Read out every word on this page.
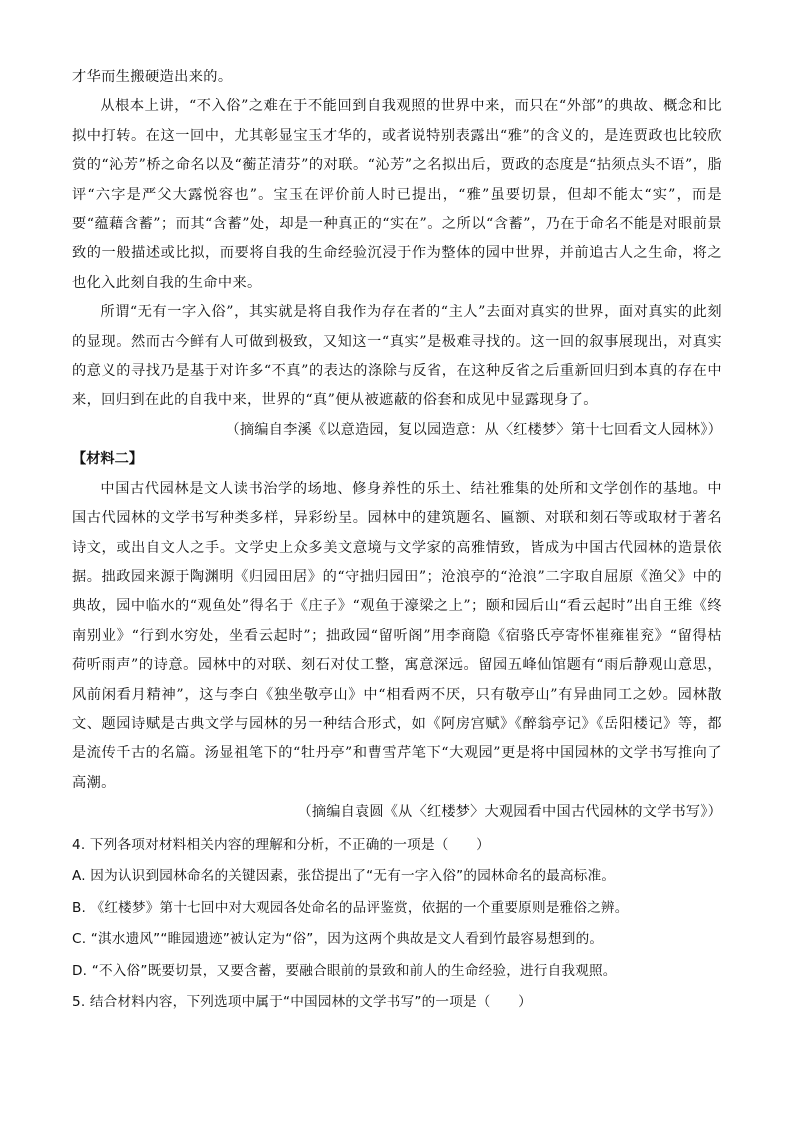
才华而生搬硬造出来的。

从根本上讲，“不入俗”之难在于不能回到自我观照的世界中来，而只在“外部”的典故、概念和比拟中打转。在这一回中，尤其彰显宝玉才华的，或者说特别表露出“雅”的含义的，是连贾政也比较欣赏的“沁芳”桥之命名以及“蘅芷清芬”的对联。“沁芳”之名拟出后，贾政的态度是“拈须点头不语”，脂评“六字是严父大露悦容也”。宝玉在评价前人时已提出，“雅”虽要切景，但却不能太“实”，而是要“蕴藉含蓄”；而其“含蓄”处，却是一种真正的“实在”。之所以“含蓄”，乃在于命名不能是对眼前景致的一般描述或比拟，而要将自我的生命经验沉浸于作为整体的园中世界，并前追古人之生命，将之也化入此刻自我的生命中来。

所谓“无有一字入俗”，其实就是将自我作为存在者的“主人”去面对真实的世界，面对真实的此刻的显现。然而古今鲜有人可做到极致，又知这一“真实”是极难寻找的。这一回的叙事展现出，对真实的意义的寻找乃是基于对许多“不真”的表达的涤除与反省，在这种反省之后重新回归到本真的存在中来，回归到在此的自我中来，世界的“真”便从被遮蔽的俗套和成见中显露现身了。

（摘编自李溪《以意造园，复以园造意：从〈红楼梦〉第十七回看文人园林》）

【材料二】

中国古代园林是文人读书治学的场地、修身养性的乐土、结社雅集的处所和文学创作的基地。中国古代园林的文学书写种类多样，异彩纷呈。园林中的建筑题名、匾额、对联和刻石等或取材于著名诗文，或出自文人之手。文学史上众多美文意境与文学家的高雅情致，皆成为中国古代园林的造景依据。拙政园来源于陶渊明《归园田居》的“守拙归园田”；沧浪亭的“沧浪”二字取自屈原《渔父》中的典故，园中临水的“观鱼处”得名于《庄子》“观鱼于濠梁之上”；颐和园后山“看云起时”出自王维《终南别业》“行到水穷处，坐看云起时”；拙政园“留听阁”用李商隐《宿骆氏亭寄怀崔雍崔兖》“留得枯荷听雨声”的诗意。园林中的对联、刻石对仗工整，寓意深远。留园五峰仙馆题有“雨后静观山意思，风前闲看月精神”，这与李白《独坐敬亭山》中“相看两不厌，只有敬亭山”有异曲同工之妙。园林散文、题园诗赋是古典文学与园林的另一种结合形式，如《阿房宫赋》《醉翁亭记》《岳阳楼记》等，都是流传千古的名篇。汤显祖笔下的“牡丹亭”和曹雪芹笔下“大观园”更是将中国园林的文学书写推向了高潮。

（摘编自袁圆《从〈红楼梦〉大观园看中国古代园林的文学书写》）

4. 下列各项对材料相关内容的理解和分析，不正确的一项是（　　）

A. 因为认识到园林命名的关键因素，张岱提出了“无有一字入俗”的园林命名的最高标准。

B. 《红楼梦》第十七回中对大观园各处命名的品评鉴赏，依据的一个重要原则是雅俗之辨。

C. “淇水遗风”“睢园遗迹”被认定为“俗”，因为这两个典故是文人看到竹最容易想到的。

D. “不入俗”既要切景，又要含蓄，要融合眼前的景致和前人的生命经验，进行自我观照。

5. 结合材料内容，下列选项中属于“中国园林的文学书写”的一项是（　　）
